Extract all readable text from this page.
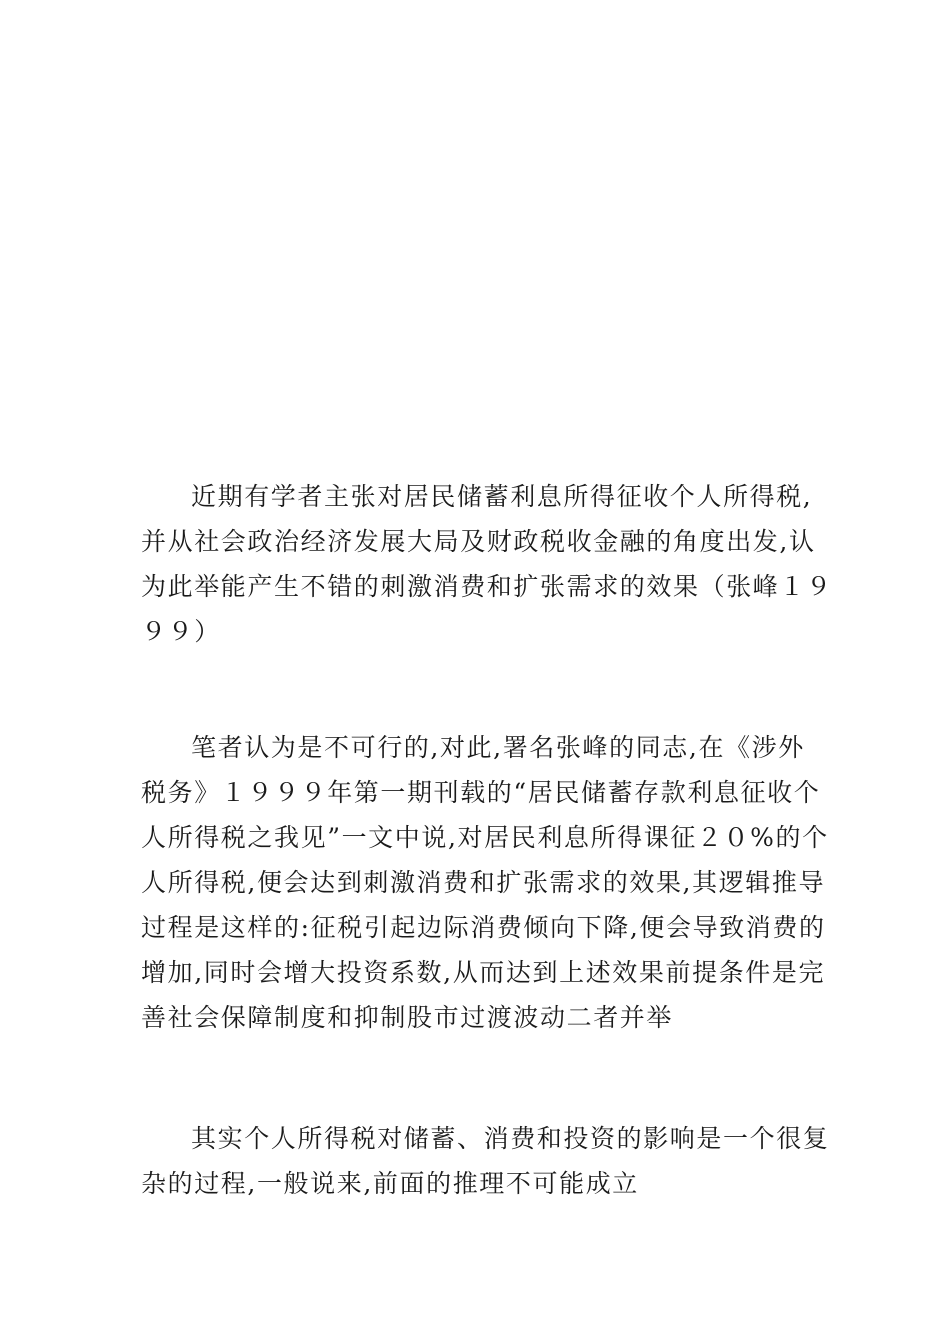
近期有学者主张对居民储蓄利息所得征收个人所得税,
并从社会政治经济发展大局及财政税收金融的角度出发,认
为此举能产生不错的刺激消费和扩张需求的效果（张峰１９
９９）
笔者认为是不可行的,对此,署名张峰的同志,在《涉外
税务》１９９９年第一期刊载的“居民储蓄存款利息征收个
人所得税之我见”一文中说,对居民利息所得课征２０%的个
人所得税,便会达到刺激消费和扩张需求的效果,其逻辑推导
过程是这样的:征税引起边际消费倾向下降,便会导致消费的
增加,同时会增大投资系数,从而达到上述效果前提条件是完
善社会保障制度和抑制股市过渡波动二者并举
其实个人所得税对储蓄、消费和投资的影响是一个很复
杂的过程,一般说来,前面的推理不可能成立
